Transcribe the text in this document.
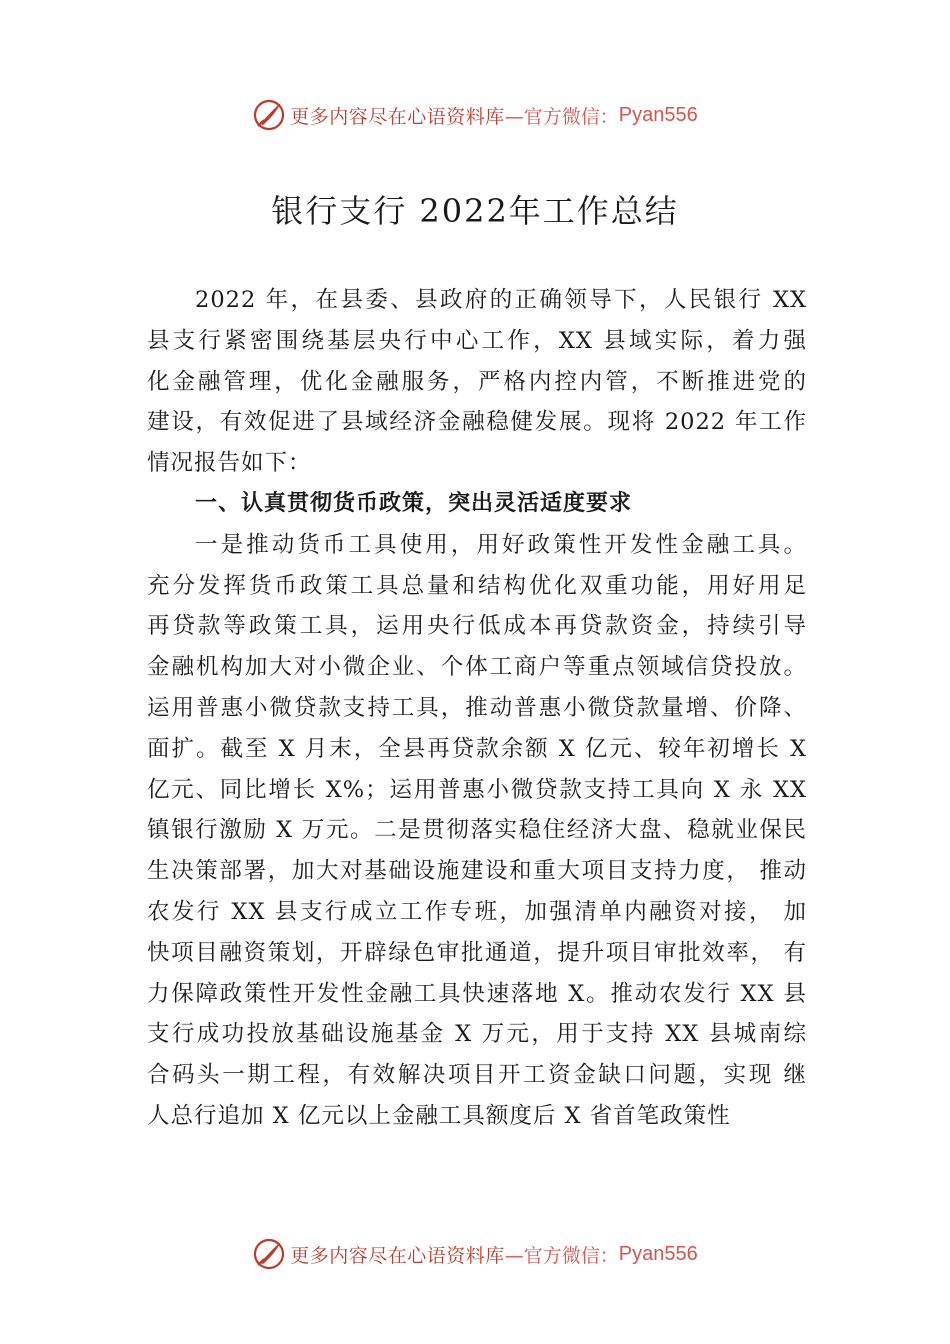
更多内容尽在心语资料库 —官方微信： Pyan556
银行支行 2022年工作总结
2022 年，在县委、县政府的正确领导下，人民银行 XX
县支行紧密围绕基层央行中心工作，XX 县域实际，着力强
化金融管理，优化金融服务，严格内控内管，不断推进党的
建设，有效促进了县域经济金融稳健发展。现将 2022 年工作
情况报告如下：
一、认真贯彻货币政策，突出灵活适度要求
一是推动货币工具使用，用好政策性开发性金融工具。
充分发挥货币政策工具总量和结构优化双重功能，用好用足
再贷款等政策工具，运用央行低成本再贷款资金，持续引导
金融机构加大对小微企业、个体工商户等重点领域信贷投放。
运用普惠小微贷款支持工具，推动普惠小微贷款量增、价降、
面扩。截至 X 月末，全县再贷款余额 X 亿元、较年初增长 X
亿元、同比增长 X%；运用普惠小微贷款支持工具向 X 永 XX
镇银行激励 X 万元。二是贯彻落实稳住经济大盘、稳就业保民
生决策部署，加大对基础设施建设和重大项目支持力度， 推动
农发行 XX 县支行成立工作专班，加强清单内融资对接， 加
快项目融资策划，开辟绿色审批通道，提升项目审批效率， 有
力保障政策性开发性金融工具快速落地 X。推动农发行 XX 县
支行成功投放基础设施基金 X 万元，用于支持 XX 县城南综
合码头一期工程，有效解决项目开工资金缺口问题，实现 继
人总行追加 X 亿元以上金融工具额度后 X 省首笔政策性
更多内容尽在心语资料库 —官方微信： Pyan556
